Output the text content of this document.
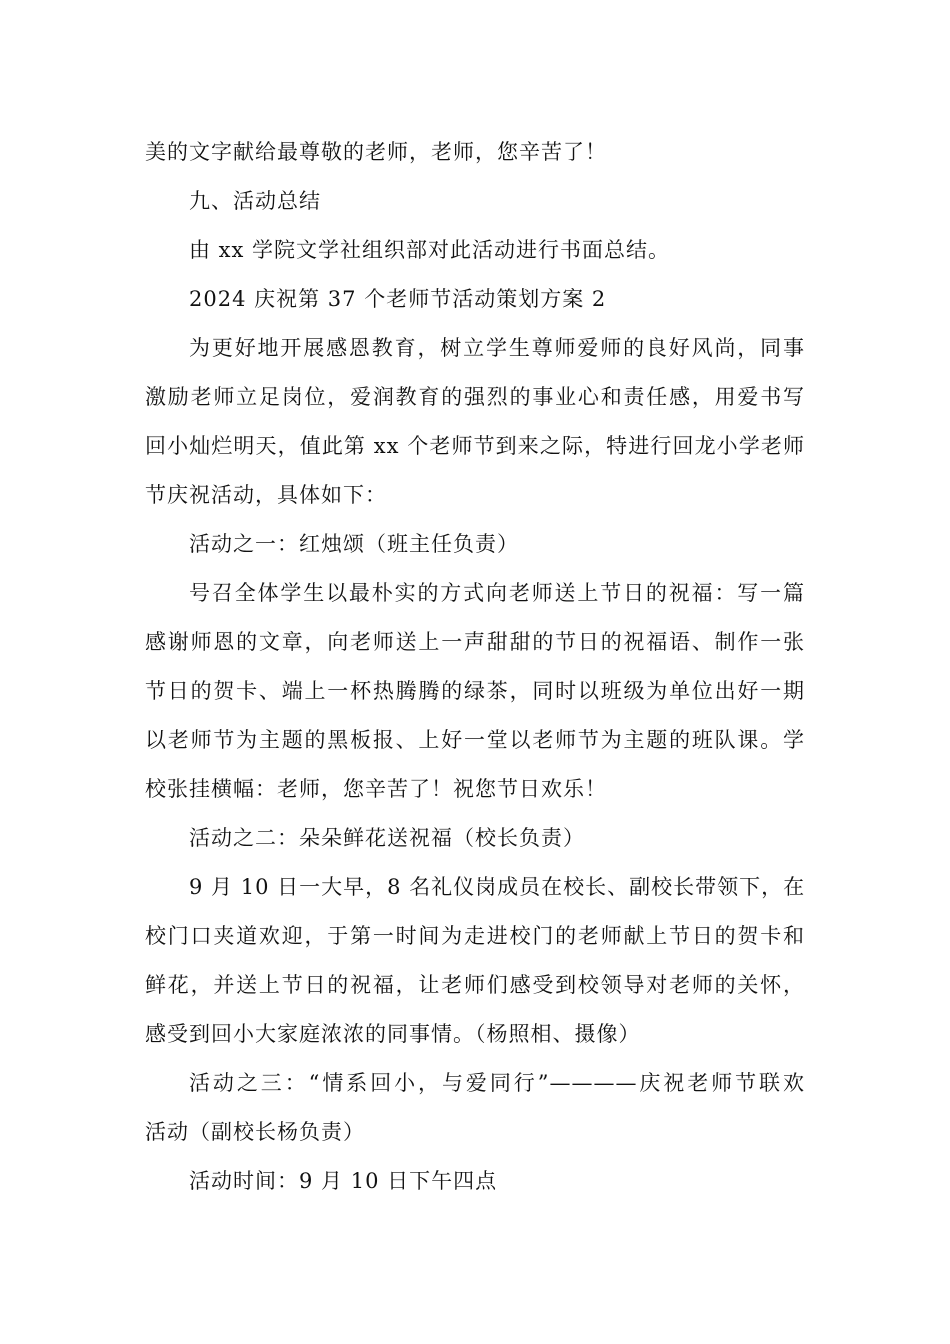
美的文字献给最尊敬的老师，老师，您辛苦了！
九、活动总结
由 xx 学院文学社组织部对此活动进行书面总结。
2024 庆祝第 37 个老师节活动策划方案 2
为更好地开展感恩教育，树立学生尊师爱师的良好风尚，同事
激励老师立足岗位，爱润教育的强烈的事业心和责任感，用爱书写
回小灿烂明天，值此第 xx 个老师节到来之际，特进行回龙小学老师
节庆祝活动，具体如下：
活动之一：红烛颂（班主任负责）
号召全体学生以最朴实的方式向老师送上节日的祝福：写一篇
感谢师恩的文章，向老师送上一声甜甜的节日的祝福语、制作一张
节日的贺卡、端上一杯热腾腾的绿茶，同时以班级为单位出好一期
以老师节为主题的黑板报、上好一堂以老师节为主题的班队课。学
校张挂横幅：老师，您辛苦了！祝您节日欢乐！
活动之二：朵朵鲜花送祝福（校长负责）
9 月 10 日一大早，8 名礼仪岗成员在校长、副校长带领下，在
校门口夹道欢迎，于第一时间为走进校门的老师献上节日的贺卡和
鲜花，并送上节日的祝福，让老师们感受到校领导对老师的关怀，
感受到回小大家庭浓浓的同事情。（杨照相、摄像）
活动之三：“情系回小，与爱同行”————庆祝老师节联欢
活动（副校长杨负责）
活动时间：9 月 10 日下午四点
